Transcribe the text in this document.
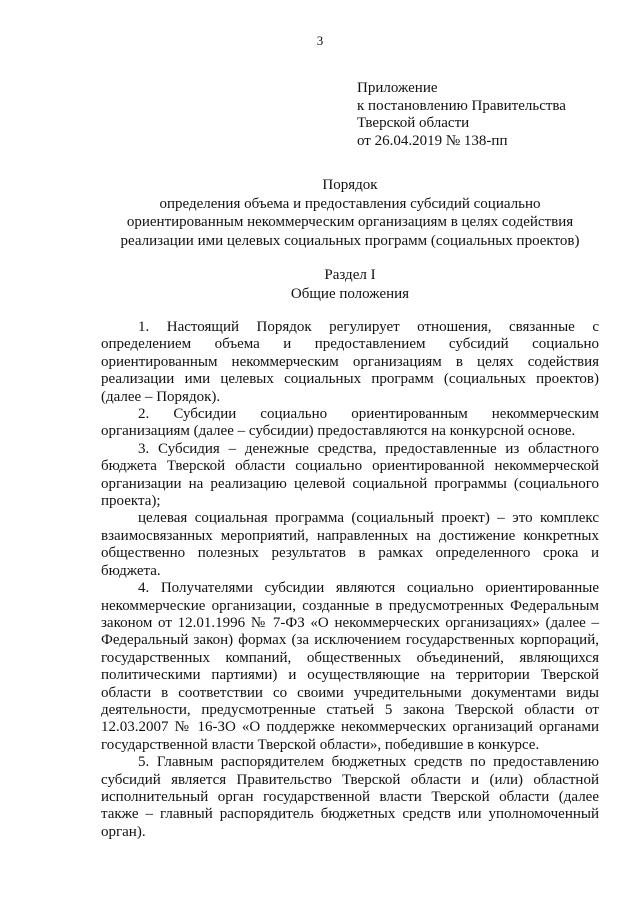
3
Приложение
к постановлению Правительства
Тверской области
от 26.04.2019 № 138-пп
Порядок
определения объема и предоставления субсидий социально
ориентированным некоммерческим организациям в целях содействия
реализации ими целевых социальных программ (социальных проектов)
Раздел I
Общие положения

1. Настоящий Порядок регулирует отношения, связанные с определением объема и предоставлением субсидий социально ориентированным некоммерческим организациям в целях содействия реализации ими целевых социальных программ (социальных проектов) (далее – Порядок).

2. Субсидии социально ориентированным некоммерческим организациям (далее – субсидии) предоставляются на конкурсной основе.

3. Субсидия – денежные средства, предоставленные из областного бюджета Тверской области социально ориентированной некоммерческой организации на реализацию целевой социальной программы (социального проекта);

целевая социальная программа (социальный проект) – это комплекс взаимосвязанных мероприятий, направленных на достижение конкретных общественно полезных результатов в рамках определенного срока и бюджета.

4. Получателями субсидии являются социально ориентированные некоммерческие организации, созданные в предусмотренных Федеральным законом от 12.01.1996 № 7-ФЗ «О некоммерческих организациях» (далее – Федеральный закон) формах (за исключением государственных корпораций, государственных компаний, общественных объединений, являющихся политическими партиями) и осуществляющие на территории Тверской области в соответствии со своими учредительными документами виды деятельности, предусмотренные статьей 5 закона Тверской области от 12.03.2007 № 16-ЗО «О поддержке некоммерческих организаций органами государственной власти Тверской области», победившие в конкурсе.

5. Главным распорядителем бюджетных средств по предоставлению субсидий является Правительство Тверской области и (или) областной исполнительный орган государственной власти Тверской области (далее также – главный распорядитель бюджетных средств или уполномоченный орган).
